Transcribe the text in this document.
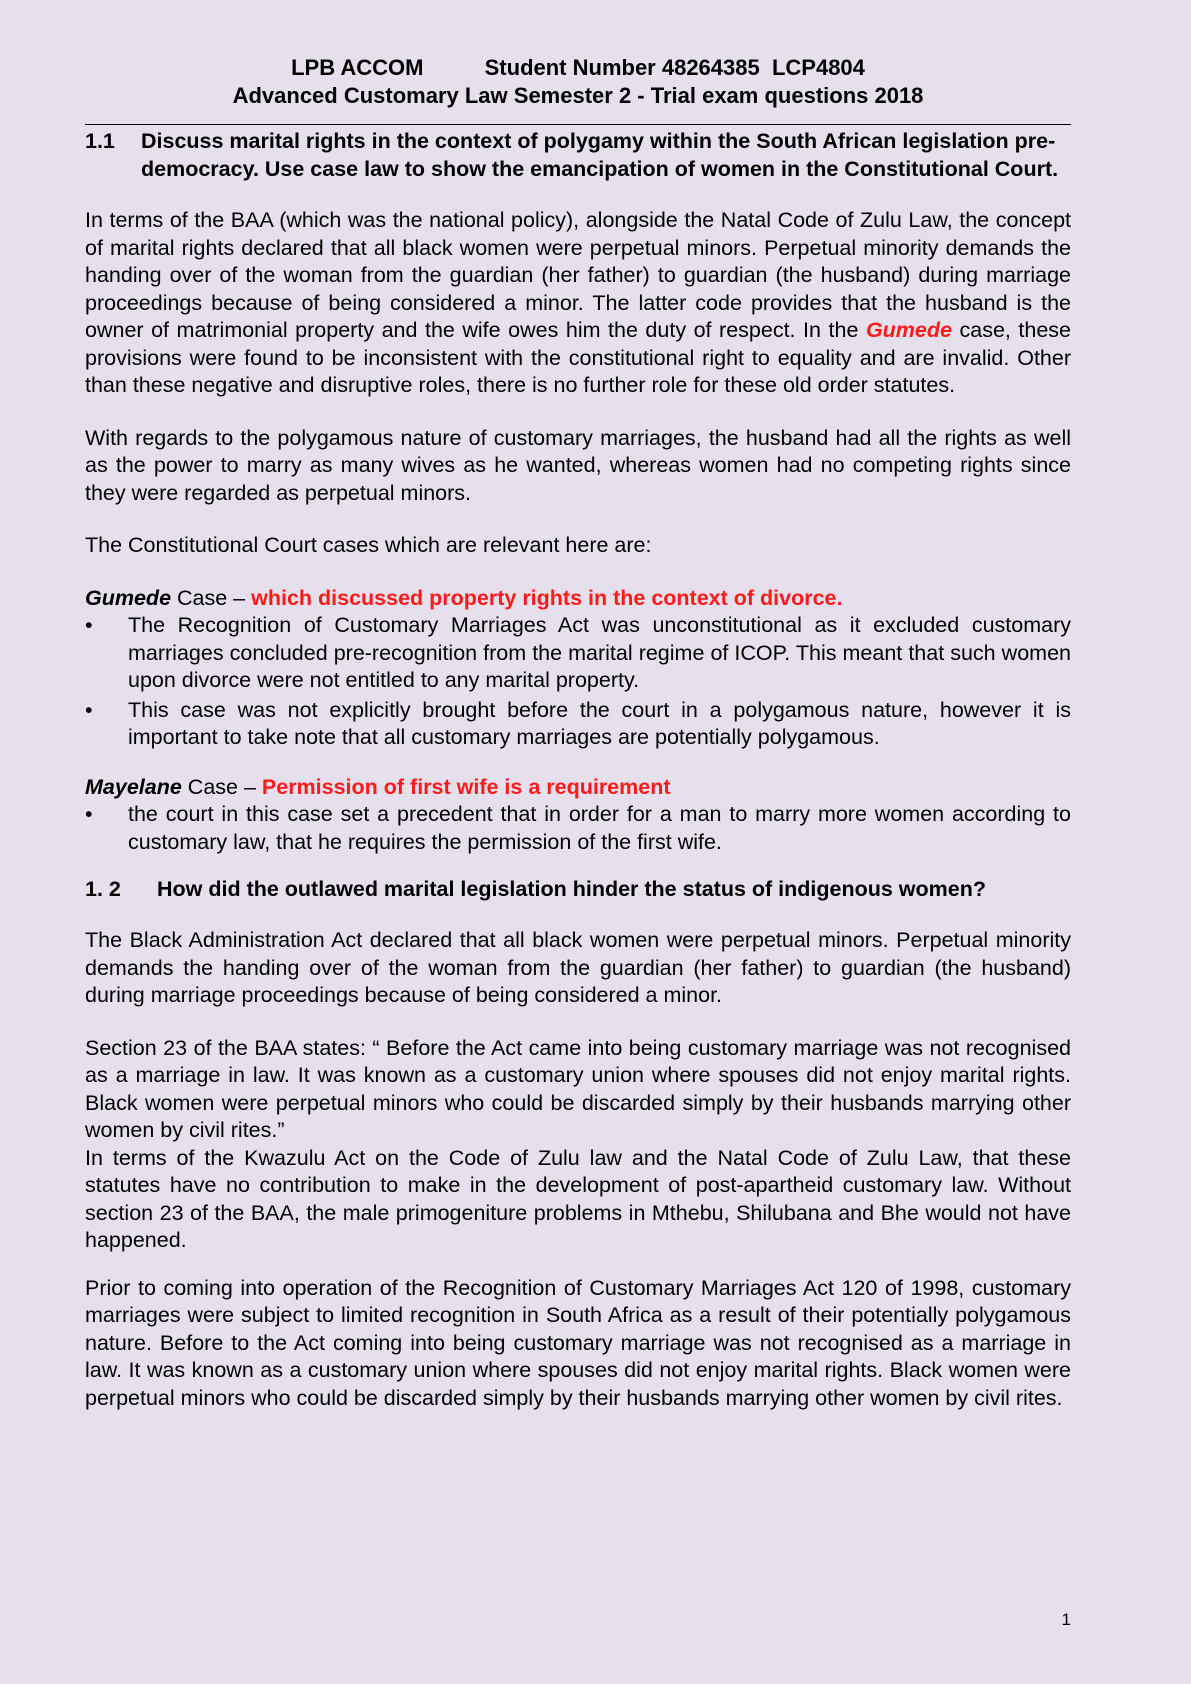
LPB ACCOM	Student Number 48264385  LCP4804
Advanced Customary Law Semester 2 - Trial exam questions 2018
1.1	Discuss marital rights in the context of polygamy within the South African legislation pre-democracy. Use case law to show the emancipation of women in the Constitutional Court.

In terms of the BAA (which was the national policy), alongside the Natal Code of Zulu Law, the concept of marital rights declared that all black women were perpetual minors. Perpetual minority demands the handing over of the woman from the guardian (her father) to guardian (the husband) during marriage proceedings because of being considered a minor. The latter code provides that the husband is the owner of matrimonial property and the wife owes him the duty of respect. In the Gumede case, these provisions were found to be inconsistent with the constitutional right to equality and are invalid. Other than these negative and disruptive roles, there is no further role for these old order statutes.

With regards to the polygamous nature of customary marriages, the husband had all the rights as well as the power to marry as many wives as he wanted, whereas women had no competing rights since they were regarded as perpetual minors.

The Constitutional Court cases which are relevant here are:

Gumede Case – which discussed property rights in the context of divorce.

•	The Recognition of Customary Marriages Act was unconstitutional as it excluded customary marriages concluded pre-recognition from the marital regime of ICOP. This meant that such women upon divorce were not entitled to any marital property.
•	This case was not explicitly brought before the court in a polygamous nature, however it is important to take note that all customary marriages are potentially polygamous.

Mayelane Case – Permission of first wife is a requirement

•	the court in this case set a precedent that in order for a man to marry more women according to customary law, that he requires the permission of the first wife.
1. 2	How did the outlawed marital legislation hinder the status of indigenous women?

The Black Administration Act declared that all black women were perpetual minors. Perpetual minority demands the handing over of the woman from the guardian (her father) to guardian (the husband) during marriage proceedings because of being considered a minor.

Section 23 of the BAA states: “ Before the Act came into being customary marriage was not recognised as a marriage in law. It was known as a customary union where spouses did not enjoy marital rights. Black women were perpetual minors who could be discarded simply by their husbands marrying other women by civil rites.”

In terms of the Kwazulu Act on the Code of Zulu law and the Natal Code of Zulu Law, that these statutes have no contribution to make in the development of post-apartheid customary law. Without section 23 of the BAA, the male primogeniture problems in Mthebu, Shilubana and Bhe would not have happened.

Prior to coming into operation of the Recognition of Customary Marriages Act 120 of 1998, customary marriages were subject to limited recognition in South Africa as a result of their potentially polygamous nature. Before to the Act coming into being customary marriage was not recognised as a marriage in law. It was known as a customary union where spouses did not enjoy marital rights. Black women were perpetual minors who could be discarded simply by their husbands marrying other women by civil rites.

1
